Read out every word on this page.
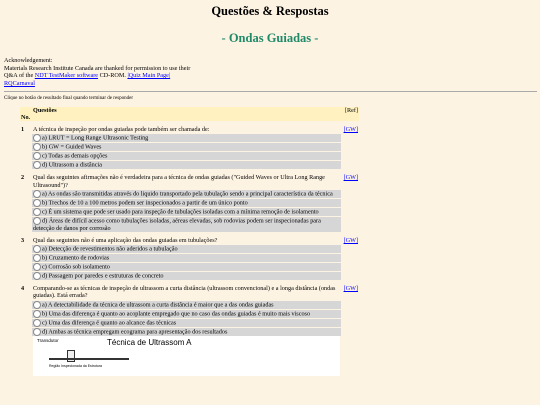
Questões & Respostas
- Ondas Guiadas -
Acknowledgement:
Materials Research Institute Canada are thanked for permission to use their
Q&A of the NDT TestMaker software CD-ROM. |Quiz Main Page|
RQCarnaval
Clique no botão de resultado final quando terminar de responder
No.	Questões	[Ref]
1	A técnica de inspeção por ondas guiadas pode também ser chamada de:	[GW]
	a) LRUT = Long Range Ultrasonic Testing	
	b) GW = Guided Waves	
	c) Todas as demais opções	
	d) Ultrassom a distância	
2	Qual das seguintes afirmações não é verdadeira para a técnica de ondas guiadas ("Guided Waves or Ultra Long Range Ultrasound")?	[GW]
	a) As ondas são transmitidas através do liquido transportado pela tubulação sendo a principal característica da técnica	
	b) Trechos de 10 a 100 metros podem ser inspecionados a partir de um único ponto	
	c) É um sistema que pode ser usado para inspeção de tubulações isoladas com a mínima remoção de isolamento	
	d) Áreas de difícil acesso como tubulações isoladas, aéreas elevadas, sob rodovias podem ser inspecionadas para detecção de danos por corrosão	
3	Qual das seguintes não é uma aplicação das ondas guiadas em tubulações?	[GW]
	a) Detecção de revestimentos não aderidos a tubulação	
	b) Cruzamento de rodovias	
	c) Corrosão sob isolamento	
	d) Passagem por paredes e estruturas de concreto	
4	Comparando-se as técnicas de inspeção de ultrassom a curta distância (ultrassom convencional) e a longa distância (ondas guiadas). Está errada?	[GW]
	a) A detectabilidade da técnica de ultrassom a curta distância é maior que a das ondas guiadas	
	b) Uma das diferença é quanto ao acoplante empregado que no caso das ondas guiadas é muito mais viscoso	
	c) Uma das diferença é quanto ao alcance das técnicas	
	d) Ambas as técnica empregam ecograma para apresentação dos resultados	

	Transdutor Técnica de Ultrassom A
Região Inspecionada da Estrutura	
